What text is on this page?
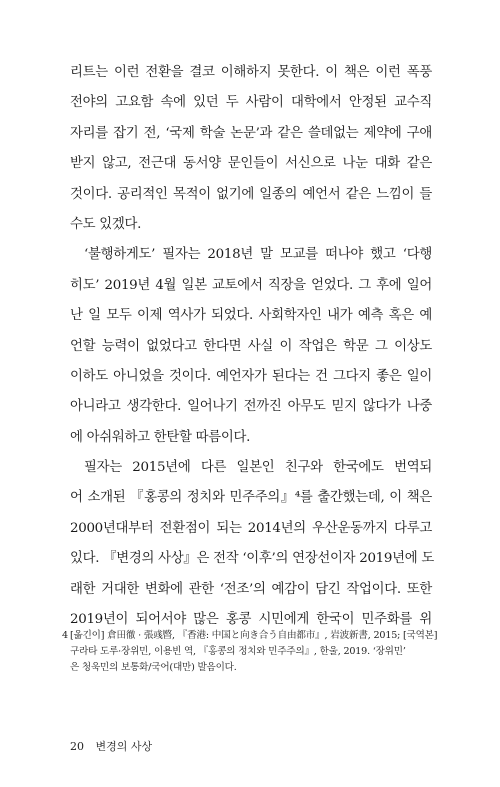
리트는 이런 전환을 결코 이해하지 못한다. 이 책은 이런 폭풍
전야의 고요함 속에 있던 두 사람이 대학에서 안정된 교수직
자리를 잡기 전, ‘국제 학술 논문’과 같은 쓸데없는 제약에 구애
받지 않고, 전근대 동서양 문인들이 서신으로 나눈 대화 같은
것이다. 공리적인 목적이 없기에 일종의 예언서 같은 느낌이 들
수도 있겠다.
‘불행하게도’ 필자는 2018년 말 모교를 떠나야 했고 ‘다행
히도’ 2019년 4월 일본 교토에서 직장을 얻었다. 그 후에 일어
난 일 모두 이제 역사가 되었다. 사회학자인 내가 예측 혹은 예
언할 능력이 없었다고 한다면 사실 이 작업은 학문 그 이상도
이하도 아니었을 것이다. 예언자가 된다는 건 그다지 좋은 일이
아니라고 생각한다. 일어나기 전까진 아무도 믿지 않다가 나중
에 아쉬워하고 한탄할 따름이다.
필자는 2015년에 다른 일본인 친구와 한국에도 번역되
어 소개된 『홍콩의 정치와 민주주의』⁴를 출간했는데, 이 책은
2000년대부터 전환점이 되는 2014년의 우산운동까지 다루고
있다. 『변경의 사상』은 전작 ‘이후’의 연장선이자 2019년에 도
래한 거대한 변화에 관한 ‘전조’의 예감이 담긴 작업이다. 또한
2019년이 되어서야 많은 홍콩 시민에게 한국이 민주화를 위
4 [옮긴이] 倉田徹 · 張彧暋, 『香港: 中国と向き合う自由都市』, 岩波新書, 2015; [국역본]
구라타 도루·장위민, 이용빈 역, 『홍콩의 정치와 민주주의』, 한울, 2019. ‘장위민’
은 청욱민의 보통화/국어(대만) 발음이다.
20 변경의 사상
